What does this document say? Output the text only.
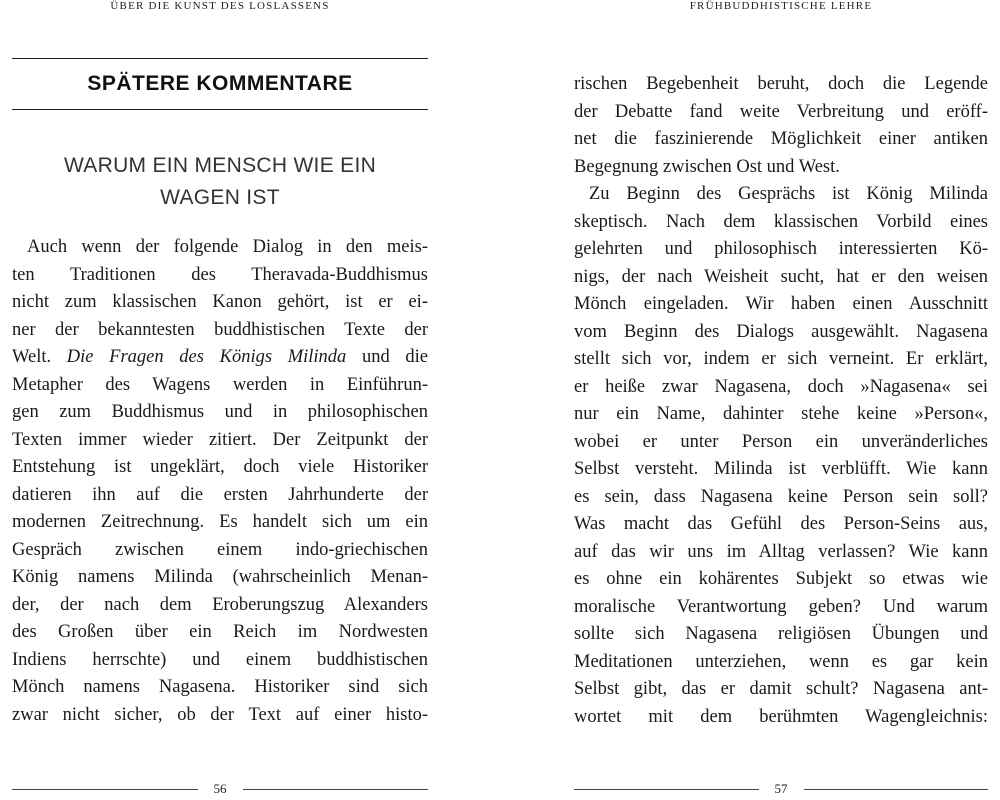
ÜBER DIE KUNST DES LOSLASSENS
SPÄTERE KOMMENTARE
WARUM EIN MENSCH WIE EIN
WAGEN IST
Auch wenn der folgende Dialog in den meis-
ten Traditionen des Theravada-Buddhismus
nicht zum klassischen Kanon gehört, ist er ei-
ner der bekanntesten buddhistischen Texte der
Welt. Die Fragen des Königs Milinda und die
Metapher des Wagens werden in Einführun-
gen zum Buddhismus und in philosophischen
Texten immer wieder zitiert. Der Zeitpunkt der
Entstehung ist ungeklärt, doch viele Historiker
datieren ihn auf die ersten Jahrhunderte der
modernen Zeitrechnung. Es handelt sich um ein
Gespräch zwischen einem indo-griechischen
König namens Milinda (wahrscheinlich Menan-
der, der nach dem Eroberungszug Alexanders
des Großen über ein Reich im Nordwesten
Indiens herrschte) und einem buddhistischen
Mönch namens Nagasena. Historiker sind sich
zwar nicht sicher, ob der Text auf einer histo-
56
FRÜHBUDDHISTISCHE LEHRE
rischen Begebenheit beruht, doch die Legende
der Debatte fand weite Verbreitung und eröff-
net die faszinierende Möglichkeit einer antiken
Begegnung zwischen Ost und West.
Zu Beginn des Gesprächs ist König Milinda
skeptisch. Nach dem klassischen Vorbild eines
gelehrten und philosophisch interessierten Kö-
nigs, der nach Weisheit sucht, hat er den weisen
Mönch eingeladen. Wir haben einen Ausschnitt
vom Beginn des Dialogs ausgewählt. Nagasena
stellt sich vor, indem er sich verneint. Er erklärt,
er heiße zwar Nagasena, doch »Nagasena« sei
nur ein Name, dahinter stehe keine »Person«,
wobei er unter Person ein unveränderliches
Selbst versteht. Milinda ist verblüfft. Wie kann
es sein, dass Nagasena keine Person sein soll?
Was macht das Gefühl des Person-Seins aus,
auf das wir uns im Alltag verlassen? Wie kann
es ohne ein kohärentes Subjekt so etwas wie
moralische Verantwortung geben? Und warum
sollte sich Nagasena religiösen Übungen und
Meditationen unterziehen, wenn es gar kein
Selbst gibt, das er damit schult? Nagasena ant-
wortet mit dem berühmten Wagengleichnis:
57
